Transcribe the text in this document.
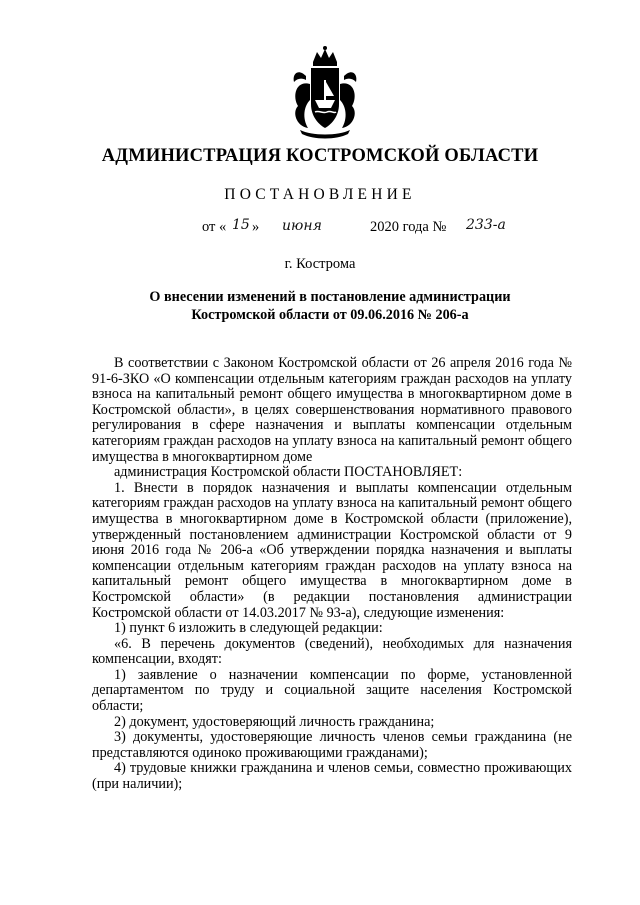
АДМИНИСТРАЦИЯ КОСТРОМСКОЙ ОБЛАСТИ
ПОСТАНОВЛЕНИЕ
от « 15 » июня	2020 года № 233-а
г. Кострома
О внесении изменений в постановление администрации
Костромской области от 09.06.2016 № 206-а

В соответствии с Законом Костромской области от 26 апреля 2016 года № 91-6-ЗКО «О компенсации отдельным категориям граждан расходов на уплату взноса на капитальный ремонт общего имущества в многоквартирном доме в Костромской области», в целях совершенствования нормативного правового регулирования в сфере назначения и выплаты компенсации отдельным категориям граждан расходов на уплату взноса на капитальный ремонт общего имущества в многоквартирном доме

администрация Костромской области ПОСТАНОВЛЯЕТ:

1. Внести в порядок назначения и выплаты компенсации отдельным категориям граждан расходов на уплату взноса на капитальный ремонт общего имущества в многоквартирном доме в Костромской области (приложение), утвержденный постановлением администрации Костромской области от 9 июня 2016 года № 206-а «Об утверждении порядка назначения и выплаты компенсации отдельным категориям граждан расходов на уплату взноса на капитальный ремонт общего имущества в многоквартирном доме в Костромской области» (в редакции постановления администрации Костромской области от 14.03.2017 № 93-а), следующие изменения:

1) пункт 6 изложить в следующей редакции:

«6. В перечень документов (сведений), необходимых для назначения компенсации, входят:

1) заявление о назначении компенсации по форме, установленной департаментом по труду и социальной защите населения Костромской области;

2) документ, удостоверяющий личность гражданина;

3) документы, удостоверяющие личность членов семьи гражданина (не представляются одиноко проживающими гражданами);

4) трудовые книжки гражданина и членов семьи, совместно проживающих (при наличии);
